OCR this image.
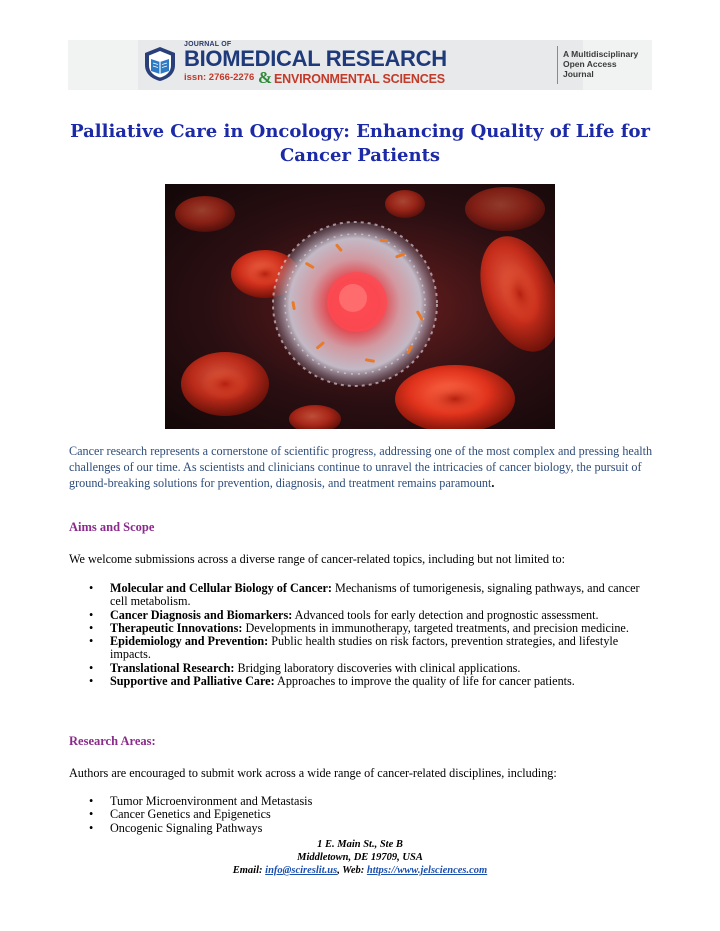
JOURNAL OF
BIOMEDICAL RESEARCH
issn: 2766-2276 & ENVIRONMENTAL SCIENCES
A Multidisciplinary
Open Access
Journal
Palliative Care in Oncology: Enhancing Quality of Life for Cancer Patients
Cancer research represents a cornerstone of scientific progress, addressing one of the most complex and pressing health challenges of our time. As scientists and clinicians continue to unravel the intricacies of cancer biology, the pursuit of ground-breaking solutions for prevention, diagnosis, and treatment remains paramount.
Aims and Scope
We welcome submissions across a diverse range of cancer-related topics, including but not limited to:
• Molecular and Cellular Biology of Cancer: Mechanisms of tumorigenesis, signaling pathways, and cancer cell metabolism.
• Cancer Diagnosis and Biomarkers: Advanced tools for early detection and prognostic assessment.
• Therapeutic Innovations: Developments in immunotherapy, targeted treatments, and precision medicine.
• Epidemiology and Prevention: Public health studies on risk factors, prevention strategies, and lifestyle impacts.
• Translational Research: Bridging laboratory discoveries with clinical applications.
• Supportive and Palliative Care: Approaches to improve the quality of life for cancer patients.
Research Areas:
Authors are encouraged to submit work across a wide range of cancer-related disciplines, including:
• Tumor Microenvironment and Metastasis
• Cancer Genetics and Epigenetics
• Oncogenic Signaling Pathways
1 E. Main St., Ste B
Middletown, DE 19709, USA
Email: info@scireslit.us, Web: https://www.jelsciences.com
